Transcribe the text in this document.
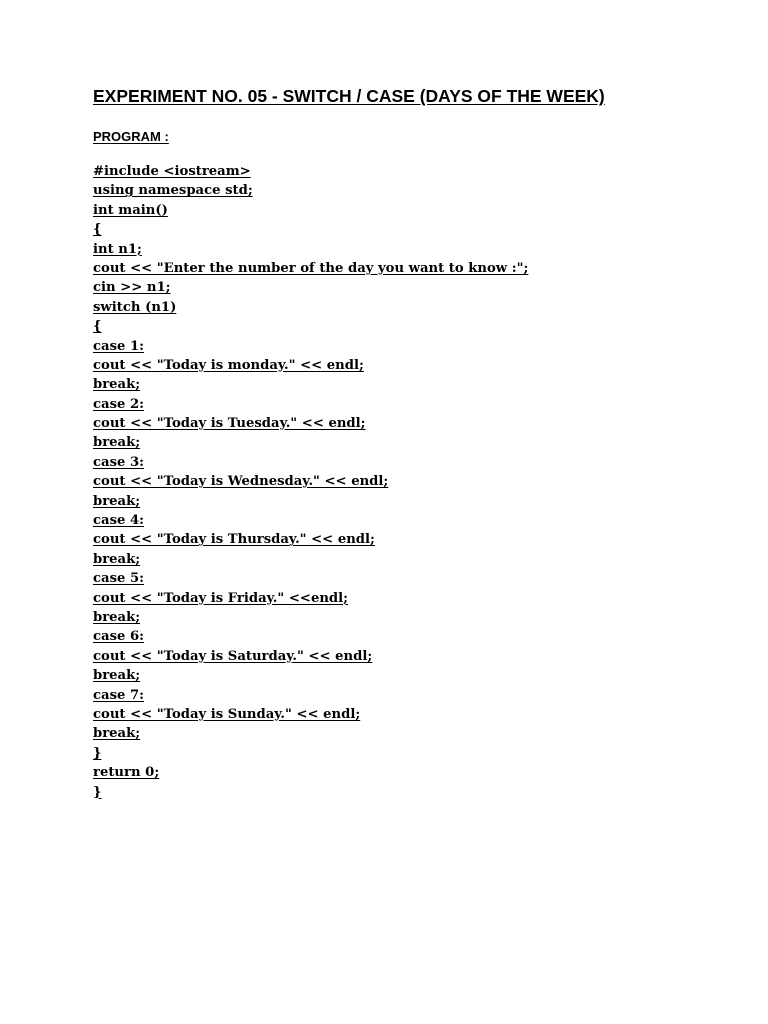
EXPERIMENT NO. 05 - SWITCH / CASE (DAYS OF THE WEEK)
PROGRAM :
#include <iostream>
using namespace std;
int main()
{
int n1;
cout << "Enter the number of the day you want to know :";
cin >> n1;
switch (n1)
{
case 1:
cout << "Today is monday." << endl;
break;
case 2:
cout << "Today is Tuesday." << endl;
break;
case 3:
cout << "Today is Wednesday." << endl;
break;
case 4:
cout << "Today is Thursday." << endl;
break;
case 5:
cout << "Today is Friday." <<endl;
break;
case 6:
cout << "Today is Saturday." << endl;
break;
case 7:
cout << "Today is Sunday." << endl;
break;
}
return 0;
}
